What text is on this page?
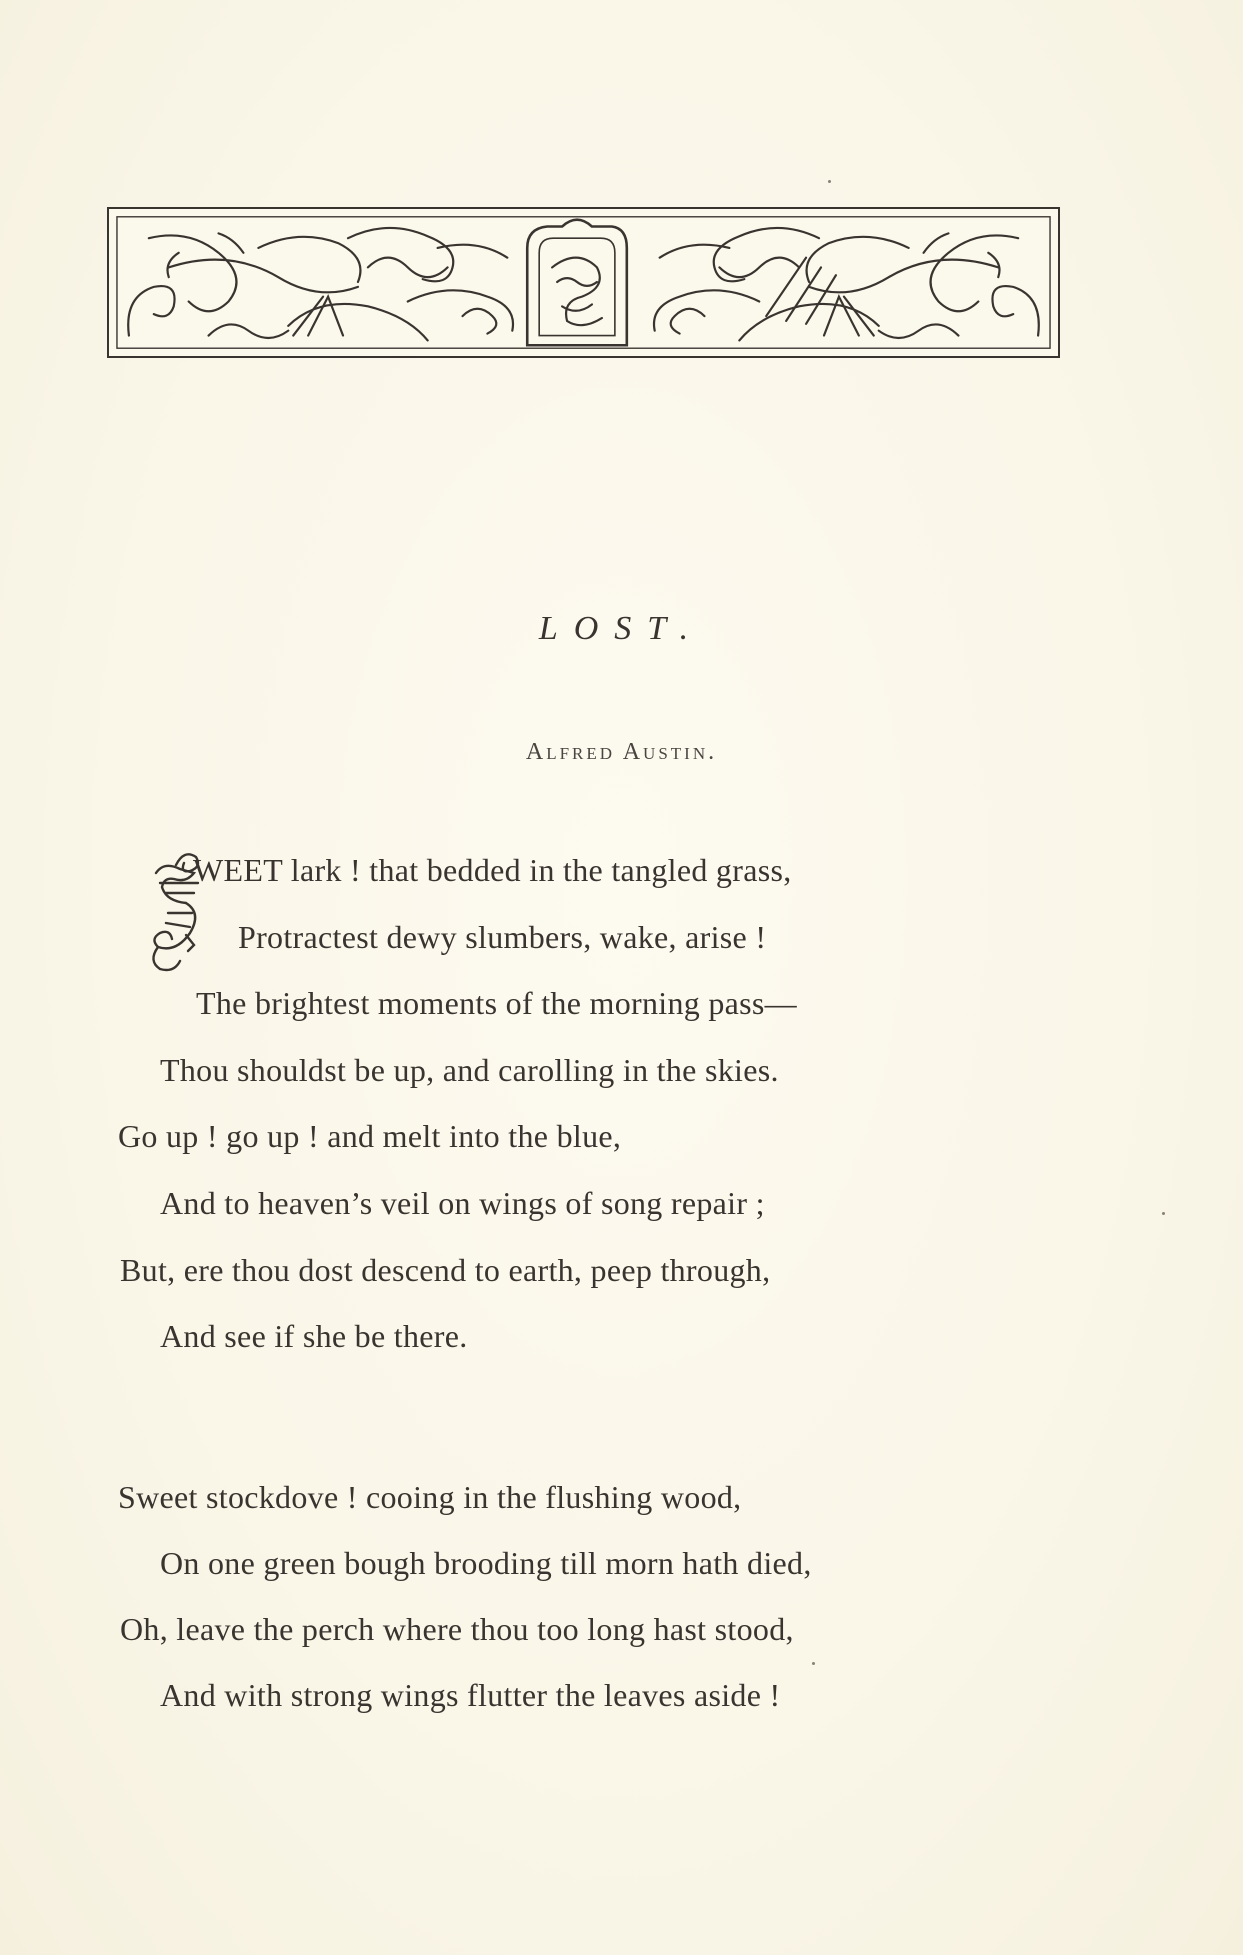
LOST.
Alfred Austin.
WEET lark ! that bedded in the tangled grass,
Protractest dewy slumbers, wake, arise !
The brightest moments of the morning pass—
Thou shouldst be up, and carolling in the skies.
Go up ! go up ! and melt into the blue,
And to heaven’s veil on wings of song repair ;
But, ere thou dost descend to earth, peep through,
And see if she be there.
Sweet stockdove ! cooing in the flushing wood,
On one green bough brooding till morn hath died,
Oh, leave the perch where thou too long hast stood,
And with strong wings flutter the leaves aside !
